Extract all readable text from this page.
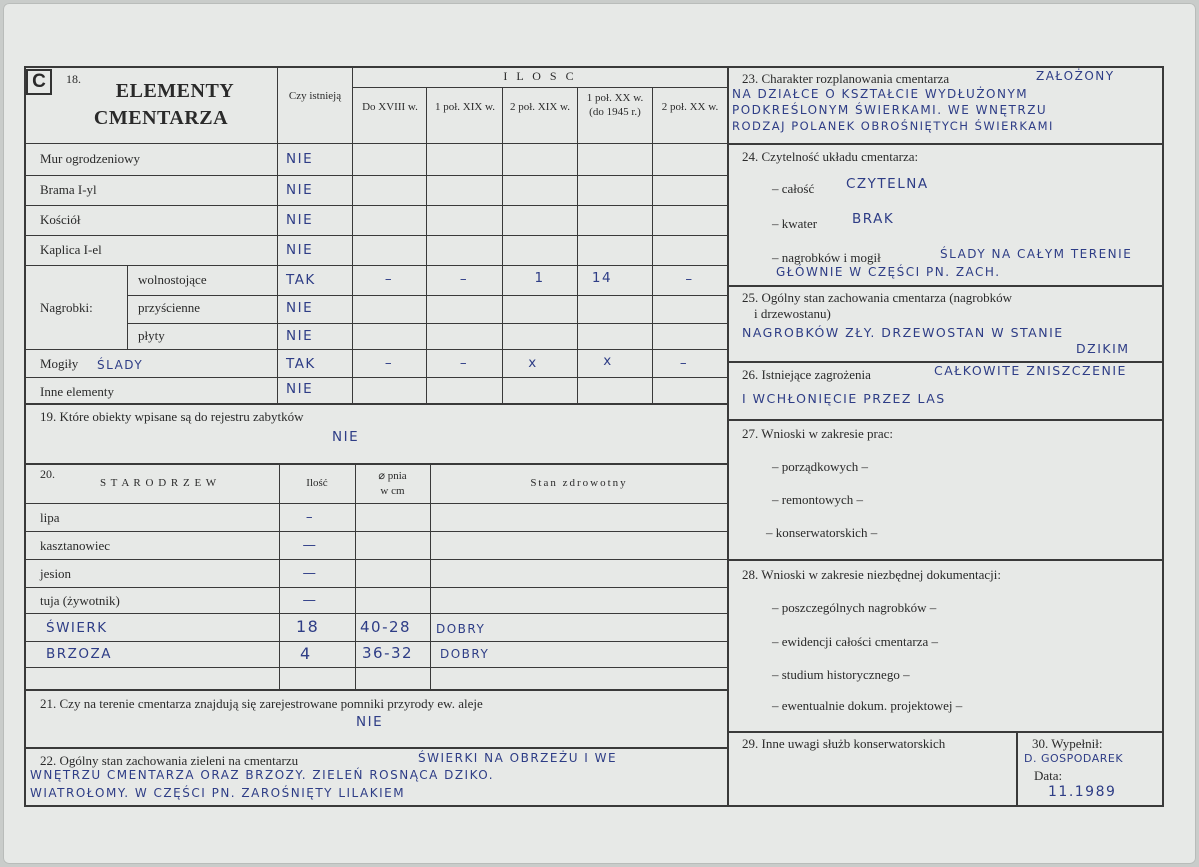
C	18.
ELEMENTY
CMENTARZA
Czy istnieją
I L O S C
Do XVIII w. 1 poł. XIX w. 2 poł. XIX w.
1 poł. XX w. (do 1945 r.)	2 poł. XX w.
Mur ogrodzeniowy	NIE
Brama I-yl	NIE
Kościół	NIE
Kaplica I-el	NIE
Nagrobki:
wolnostojące	TAK	–	–	1	14	–
przyścienne	NIE
płyty	NIE
Mogiły ŚLADY	TAK	–	–	x	x	–
Inne elementy	NIE
19. Które obiekty wpisane są do rejestru zabytków
NIE
20.
S T A R O D R Z E W	Ilość
⌀ pnia
w cm
Stan zdrowotny
lipa	–
kasztanowiec	—
jesion	—
tuja (żywotnik)	—
ŚWIERK	18	40-28 DOBRY
BRZOZA	4	36-32 DOBRY
21. Czy na terenie cmentarza znajdują się zarejestrowane pomniki przyrody ew. aleje
NIE
22. Ogólny stan zachowania zieleni na cmentarzu	ŚWIERKI NA OBRZEŻU I WE
WNĘTRZU CMENTARZA ORAZ BRZOZY. ZIELEŃ ROSNĄCA DZIKO.
WIATROŁOMY. W CZĘŚCI PN. ZAROŚNIĘTY LILAKIEM
23. Charakter rozplanowania cmentarza	ZAŁOŻONY
NA DZIAŁCE O KSZTAŁCIE WYDŁUŻONYM
PODKREŚLONYM ŚWIERKAMI. WE WNĘTRZU
RODZAJ POLANEK OBROŚNIĘTYCH ŚWIERKAMI
24. Czytelność układu cmentarza:
– całość CZYTELNA
– kwater	BRAK
– nagrobków i mogił	ŚLADY NA CAŁYM TERENIE
GŁÓWNIE W CZĘŚCI PN. ZACH.
25. Ogólny stan zachowania cmentarza (nagrobków
i drzewostanu)
NAGROBKÓW ZŁY. DRZEWOSTAN W STANIE
DZIKIM
26. Istniejące zagrożenia	CAŁKOWITE ZNISZCZENIE
I WCHŁONIĘCIE PRZEZ LAS
27. Wnioski w zakresie prac:
– porządkowych –
– remontowych –
– konserwatorskich –
28. Wnioski w zakresie niezbędnej dokumentacji:
– poszczególnych nagrobków –
– ewidencji całości cmentarza –
– studium historycznego –
– ewentualnie dokum. projektowej –
29. Inne uwagi służb konserwatorskich	30. Wypełnił:
D. GOSPODAREK
Data:
11.1989
